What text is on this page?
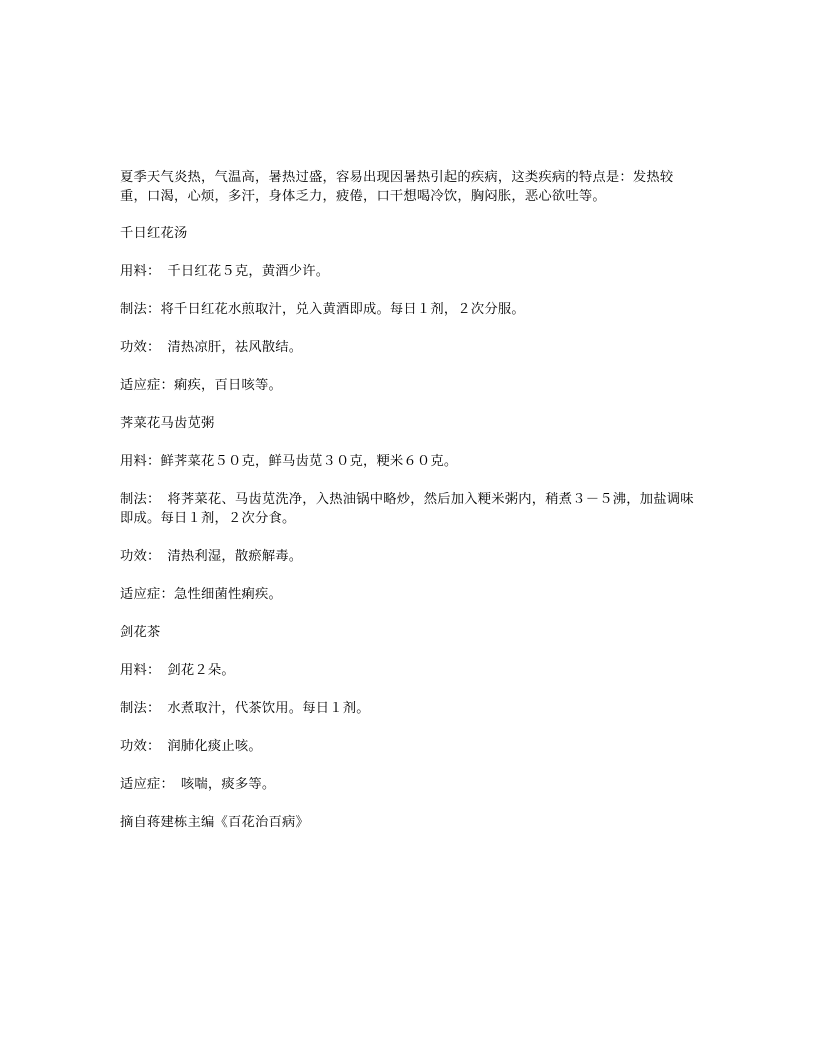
夏季天气炎热，气温高，暑热过盛，容易出现因暑热引起的疾病，这类疾病的特点是：发热较重，口渴，心烦，多汗，身体乏力，疲倦，口干想喝冷饮，胸闷胀，恶心欲吐等。

千日红花汤

用料：　千日红花５克，黄酒少许。

制法：将千日红花水煎取汁，兑入黄酒即成。每日１剂，２次分服。

功效：　清热凉肝，祛风散结。

适应症：痢疾，百日咳等。

荠菜花马齿苋粥

用料：鲜荠菜花５０克，鲜马齿苋３０克，粳米６０克。

制法：　将荠菜花、马齿苋洗净，入热油锅中略炒，然后加入粳米粥内，稍煮３－５沸，加盐调味即成。每日１剂，２次分食。

功效：　清热利湿，散瘀解毒。

适应症：急性细菌性痢疾。

剑花茶

用料：　剑花２朵。

制法：　水煮取汁，代茶饮用。每日１剂。

功效：　润肺化痰止咳。

适应症：　咳喘，痰多等。

摘自蒋建栋主编《百花治百病》
